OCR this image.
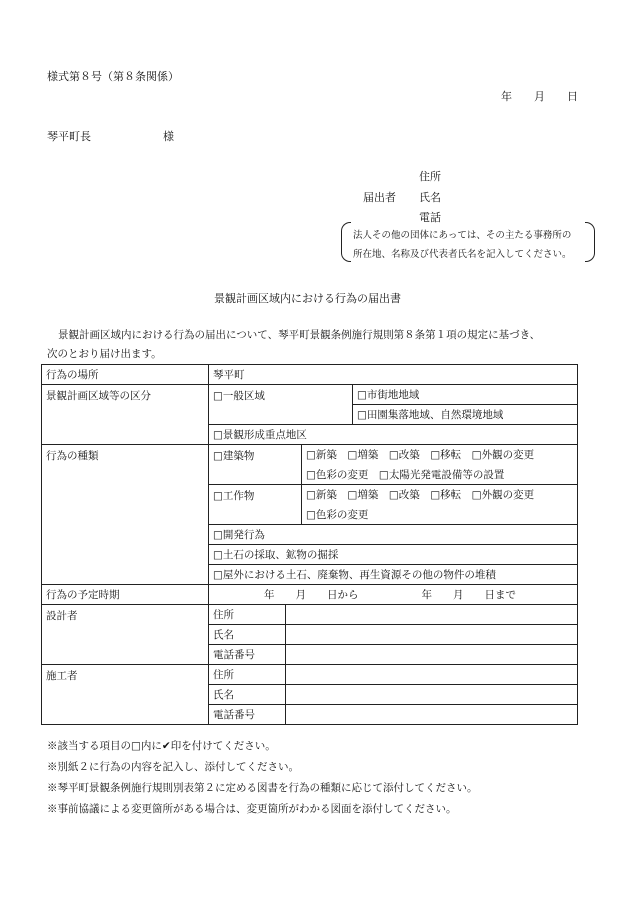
様式第８号（第８条関係）
年　　月　　日
琴平町長	様
住所
届出者 氏名
電話
法人その他の団体にあっては、その主たる事務所の
所在地、名称及び代表者氏名を記入してください。
景観計画区域内における行為の届出書
景観計画区域内における行為の届出について、琴平町景観条例施行規則第８条第１項の規定に基づき、
次のとおり届け出ます。
行為の場所	琴平町			
景観計画区域等の区分	□一般区域			□市街地地域
				□田園集落地域、自然環境地域
	□景観形成重点地区			
行為の種類	□建築物		□新築　□増築　□改築　□移転　□外観の変更	
			□色彩の変更　□太陽光発電設備等の設置	
	□工作物		□新築　□増築　□改築　□移転　□外観の変更	
			□色彩の変更	
	□開発行為			
	□土石の採取、鉱物の掘採			
	□屋外における土石、廃棄物、再生資源その他の物件の堆積			
行為の予定時期	年　　月　　日から　　　　　　年　　月　　日まで			
設計者	住所			
	氏名			
	電話番号			
施工者	住所			
	氏名			
	電話番号			
※該当する項目の□内に✔印を付けてください。
※別紙２に行為の内容を記入し、添付してください。
※琴平町景観条例施行規則別表第２に定める図書を行為の種類に応じて添付してください。
※事前協議による変更箇所がある場合は、変更箇所がわかる図面を添付してください。
